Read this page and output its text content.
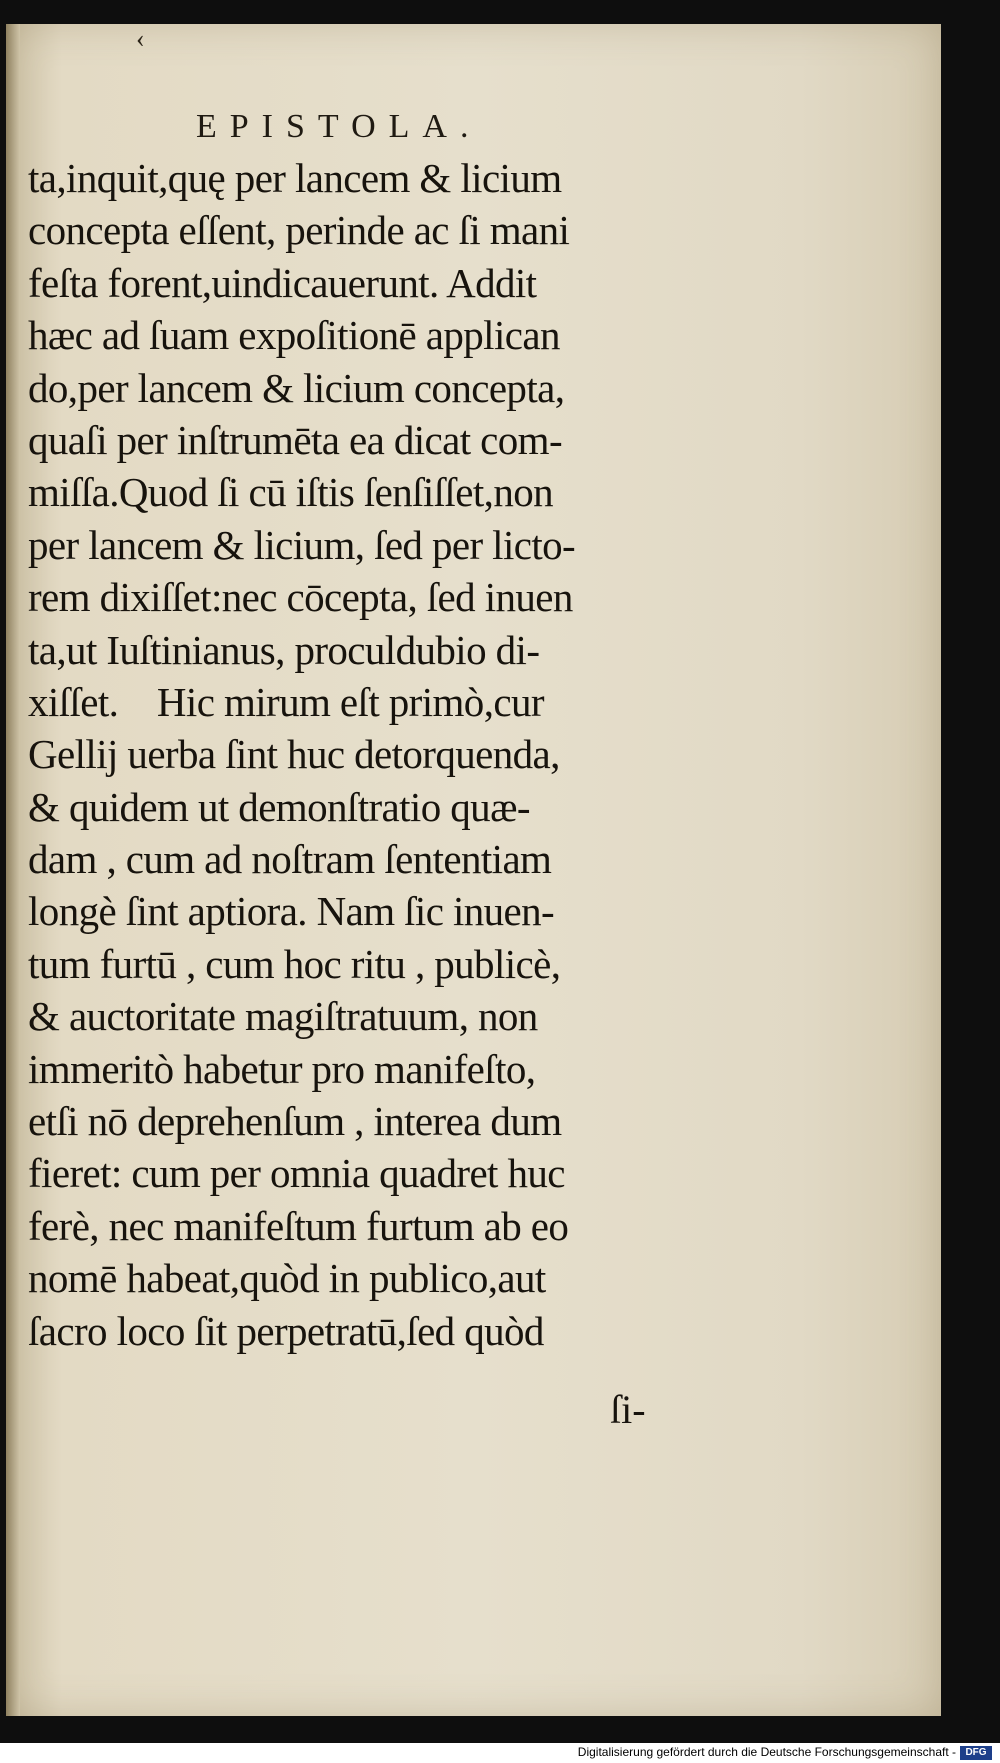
‹
EPISTOLA.
ta,inquit,quę per lancem & licium
concepta eſſent, perinde ac ſi mani
feſta forent,uindicauerunt. Addit
hæc ad ſuam expoſitionē applican
do,per lancem & licium concepta,
quaſi per inſtrumēta ea dicat com-
miſſa.Quod ſi cū iſtis ſenſiſſet,non
per lancem & licium, ſed per licto-
rem dixiſſet:nec cōcepta, ſed inuen
ta,ut Iuſtinianus, proculdubio di-
xiſſet.    Hic mirum eſt primò,cur
Gellij uerba ſint huc detorquenda,
& quidem ut demonſtratio quæ-
dam , cum ad noſtram ſententiam
longè ſint aptiora. Nam ſic inuen-
tum furtū , cum hoc ritu , publicè,
& auctoritate magiſtratuum, non
immeritò habetur pro manifeſto,
etſi nō deprehenſum , interea dum
fieret: cum per omnia quadret huc
ferè, nec manifeſtum furtum ab eo
nomē habeat,quòd in publico,aut
ſacro loco ſit perpetratū,ſed quòd
ſi-
Digitalisierung gefördert durch die Deutsche Forschungsgemeinschaft - DFG
